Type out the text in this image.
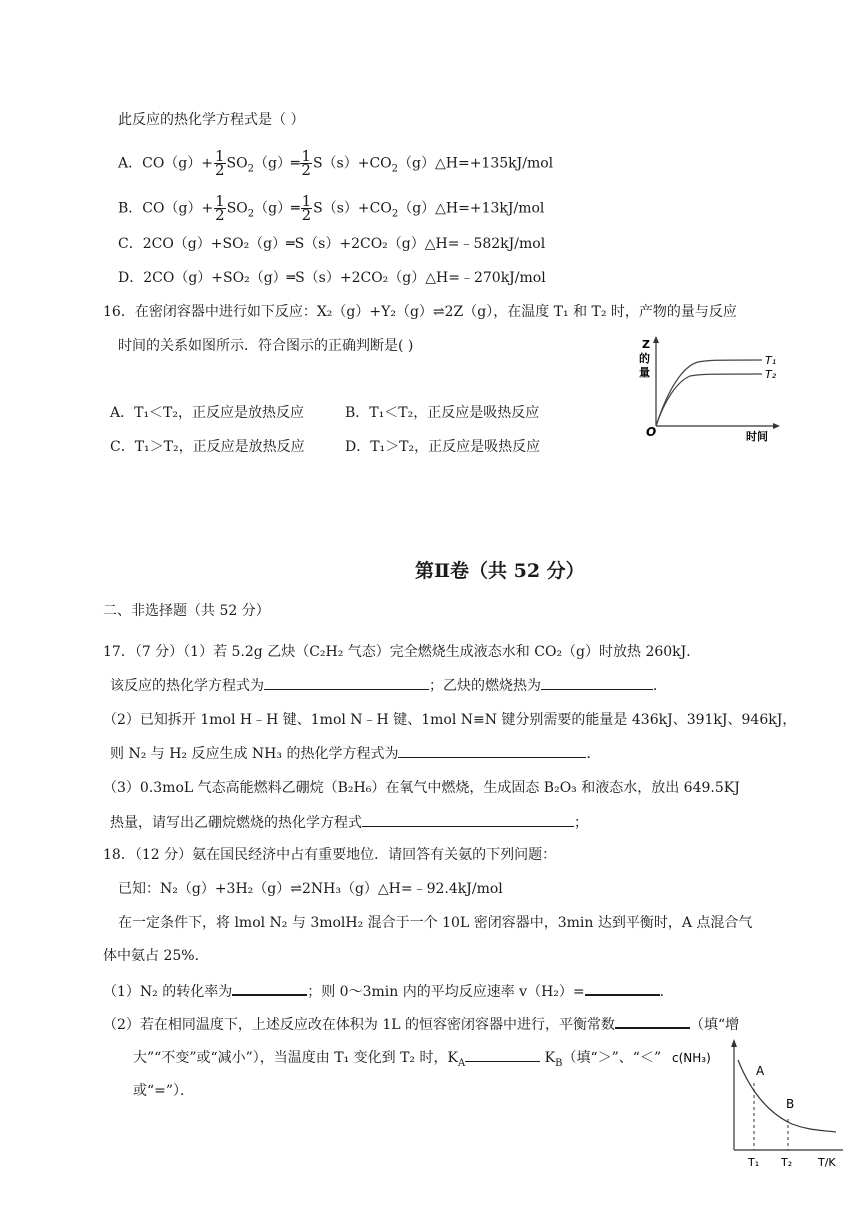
此反应的热化学方程式是（ ）
A．$CO(g)+ \frac{1}{2}$ $SO_2(g)═ \frac{1}{2}$ $S(s)+CO_2(g)\triangle H=+135kJ$/mol
B．$CO(g)+ \frac{1}{2}$ $SO_2(g)═ \frac{1}{2}$ $S(s)+CO_2(g)\triangle H=+13kJ$/mol
C．2CO（g）+SO₂（g）═S（s）+2CO₂（g）△H=﹣582kJ/mol
D．2CO（g）+SO₂（g）═S（s）+2CO₂（g）△H=﹣270kJ/mol
16．在密闭容器中进行如下反应：X₂（g）+Y₂（g）⇌2Z（g），在温度 T₁ 和 T₂ 时，产物的量与反应
时间的关系如图所示．符合图示的正确判断是( )
A．T₁＜T₂，正反应是放热反应	B．T₁＜T₂，正反应是吸热反应
C．T₁＞T₂，正反应是放热反应	D．T₁＞T₂，正反应是吸热反应
Z
的
量
O	时间
T₁
T₂
第Ⅱ卷（共 52 分）
二、非选择题（共 52 分）
17．（7 分）（1）若 5.2g 乙炔（C₂H₂ 气态）完全燃烧生成液态水和 CO₂（g）时放热 260kJ．
该反应的热化学方程式为	；乙炔的燃烧热为	．
（2）已知拆开 1mol H﹣H 键、1mol N﹣H 键、1mol N≡N 键分别需要的能量是 436kJ、391kJ、946kJ，
则 N₂ 与 H₂ 反应生成 NH₃ 的热化学方程式为	．
（3）0.3moL 气态高能燃料乙硼烷（B₂H₆）在氧气中燃烧，生成固态 B₂O₃ 和液态水，放出 649.5KJ
热量，请写出乙硼烷燃烧的热化学方程式	；
18．（12 分）氨在国民经济中占有重要地位．请回答有关氨的下列问题：
已知：N₂（g）+3H₂（g）⇌2NH₃（g）△H=﹣92.4kJ/mol
在一定条件下，将 lmol N₂ 与 3molH₂ 混合于一个 10L 密闭容器中，3min 达到平衡时，A 点混合气
体中氨占 25%．
（1）N₂ 的转化率为	；则 0～3min 内的平均反应速率 v（H₂）=	．
（2）若在相同温度下，上述反应改在体积为 1L 的恒容密闭容器中进行，平衡常数	（填“增
大”“不变”或“减小”），当温度由 T₁ 变化到 T₂ 时，$K_A$	$K_B$（填“＞”、“＜”
或“=”）．
c(NH₃)
A
B
T₁ T₂ T/K
